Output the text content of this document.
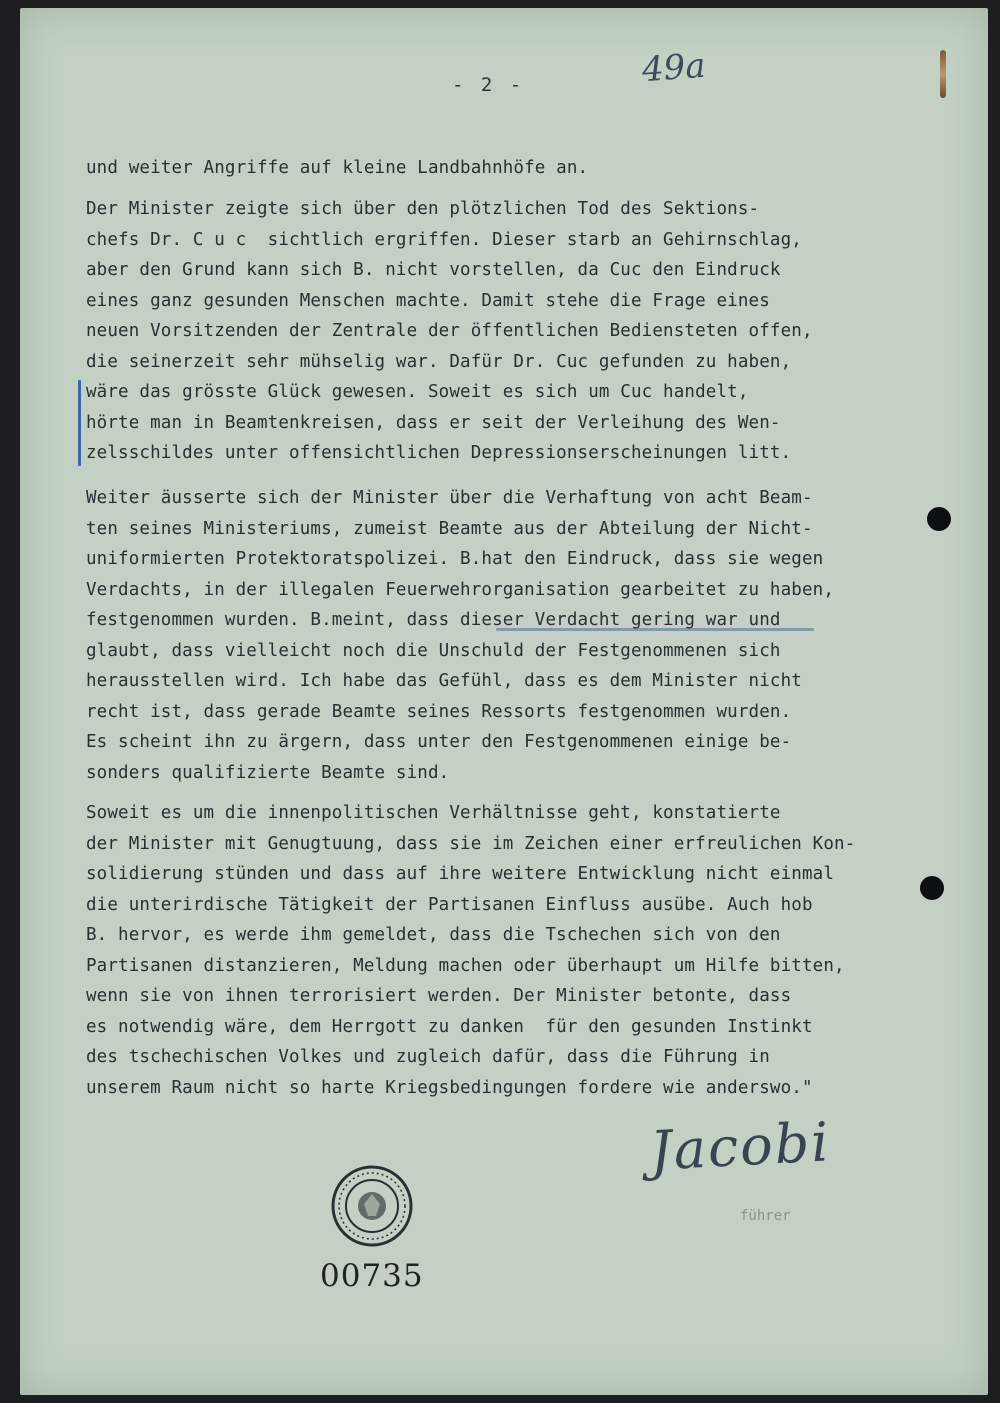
- 2 -	49a
und weiter Angriffe auf kleine Landbahnhöfe an.
Der Minister zeigte sich über den plötzlichen Tod des Sektions-
chefs Dr. C u c  sichtlich ergriffen. Dieser starb an Gehirnschlag,
aber den Grund kann sich B. nicht vorstellen, da Cuc den Eindruck
eines ganz gesunden Menschen machte. Damit stehe die Frage eines
neuen Vorsitzenden der Zentrale der öffentlichen Bediensteten offen,
die seinerzeit sehr mühselig war. Dafür Dr. Cuc gefunden zu haben,
wäre das grösste Glück gewesen. Soweit es sich um Cuc handelt,
hörte man in Beamtenkreisen, dass er seit der Verleihung des Wen-
zelsschildes unter offensichtlichen Depressionserscheinungen litt.
Weiter äusserte sich der Minister über die Verhaftung von acht Beam-
ten seines Ministeriums, zumeist Beamte aus der Abteilung der Nicht-
uniformierten Protektoratspolizei. B.hat den Eindruck, dass sie wegen
Verdachts, in der illegalen Feuerwehrorganisation gearbeitet zu haben,
festgenommen wurden. B.meint, dass dieser Verdacht gering war und
glaubt, dass vielleicht noch die Unschuld der Festgenommenen sich
herausstellen wird. Ich habe das Gefühl, dass es dem Minister nicht
recht ist, dass gerade Beamte seines Ressorts festgenommen wurden.
Es scheint ihn zu ärgern, dass unter den Festgenommenen einige be-
sonders qualifizierte Beamte sind.
Soweit es um die innenpolitischen Verhältnisse geht, konstatierte
der Minister mit Genugtuung, dass sie im Zeichen einer erfreulichen Kon-
solidierung stünden und dass auf ihre weitere Entwicklung nicht einmal
die unterirdische Tätigkeit der Partisanen Einfluss ausübe. Auch hob
B. hervor, es werde ihm gemeldet, dass die Tschechen sich von den
Partisanen distanzieren, Meldung machen oder überhaupt um Hilfe bitten,
wenn sie von ihnen terrorisiert werden. Der Minister betonte, dass
es notwendig wäre, dem Herrgott zu danken  für den gesunden Instinkt
des tschechischen Volkes und zugleich dafür, dass die Führung in
unserem Raum nicht so harte Kriegsbedingungen fordere wie anderswo."
Jacobi
führer
00735
